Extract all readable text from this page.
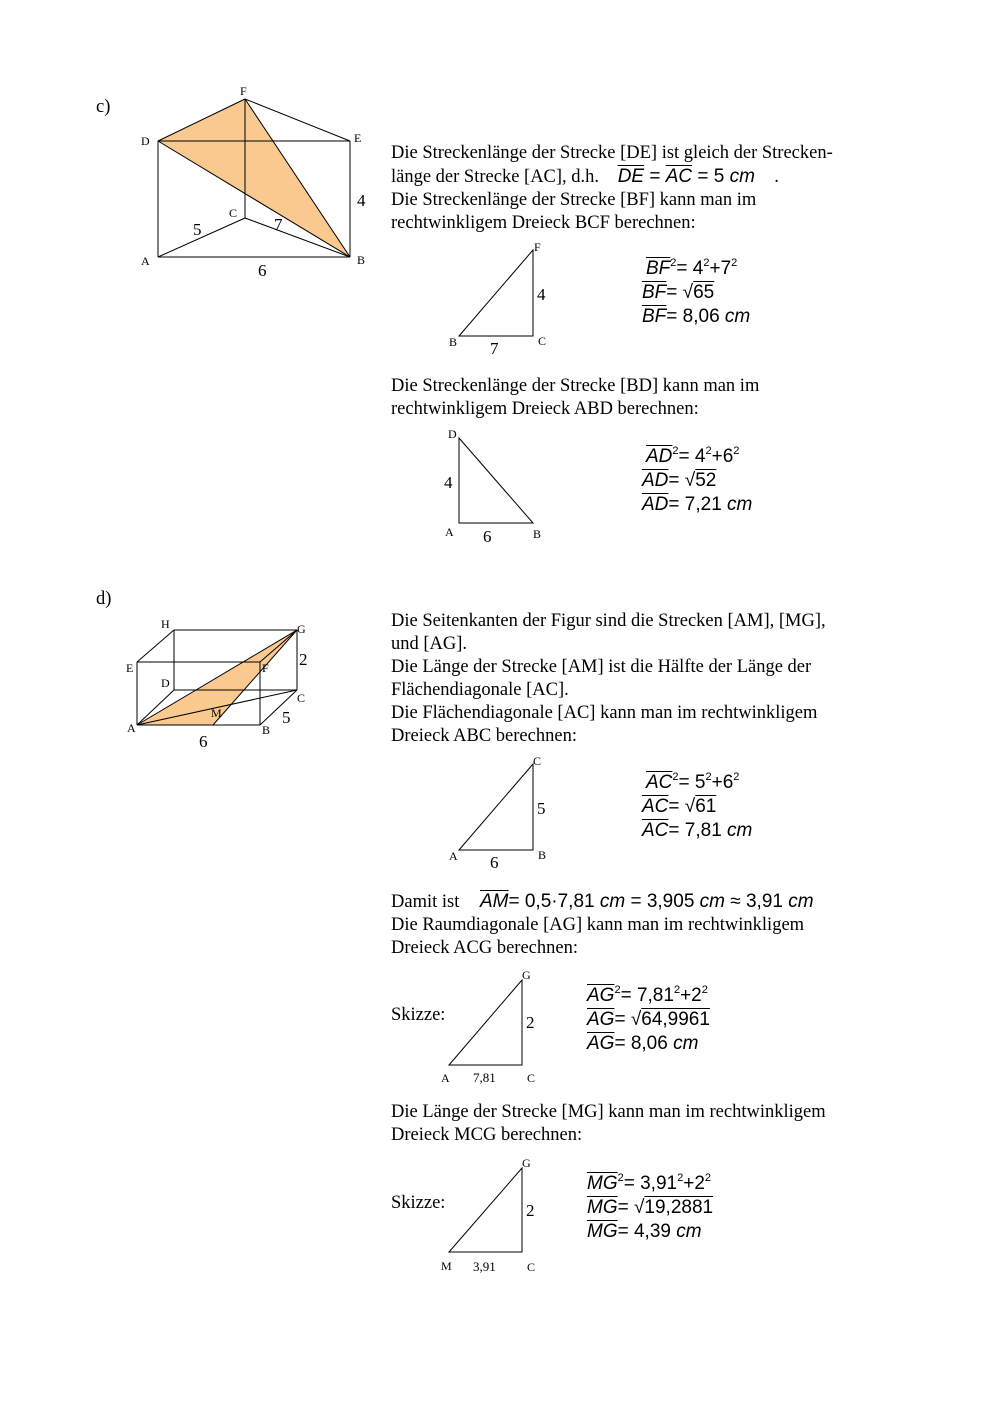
c)
D
F
E
C
A	B
5	7
6
4
Die Streckenlänge der Strecke [DE] ist gleich der Strecken-
länge der Strecke [AC], d.h. $\overline{DE} = \overline{AC} = 5$ cm .
Die Streckenlänge der Strecke [BF] kann man im
rechtwinkligem Dreieck BCF berechnen:
F
B	C
7
4
$\overline{BF}^2= 4^2+7^2$
$\overline{BF}= √65$
$\overline{BF}= 8,06$ cm
Die Streckenlänge der Strecke [BD] kann man im
rechtwinkligem Dreieck ABD berechnen:
D
A	B
6
4
$\overline{AD}^2= 4^2+6^2$
$\overline{AD}= √52$
$\overline{AD}= 7,21$ cm
d)
H	G
E	F
D
C
A
M
B
6
5
2
Die Seitenkanten der Figur sind die Strecken [AM], [MG],
und [AG].
Die Länge der Strecke [AM] ist die Hälfte der Länge der
Flächendiagonale [AC].
Die Flächendiagonale [AC] kann man im rechtwinkligem
Dreieck ABC berechnen:
C
A	B
6
5
$\overline{AC}^2= 5^2+6^2$
$\overline{AC}= √61$
$\overline{AC}= 7,81$ cm
Damit ist $\overline{AM}= 0,5\cdot 7,81$ cm = 3,905 cm ≈ 3,91 cm
Die Raumdiagonale [AG] kann man im rechtwinkligem
Dreieck ACG berechnen:
Skizze:
G
A	C
7,81
2
$\overline{AG}^2= 7,81^2+2^2$
$\overline{AG}= √64,9961$
$\overline{AG}= 8,06$ cm
Die Länge der Strecke [MG] kann man im rechtwinkligem
Dreieck MCG berechnen:
Skizze:
G
M	C
3,91
2
$\overline{MG}^2= 3,91^2+2^2$
$\overline{MG}= √19,2881$
$\overline{MG}= 4,39$ cm
